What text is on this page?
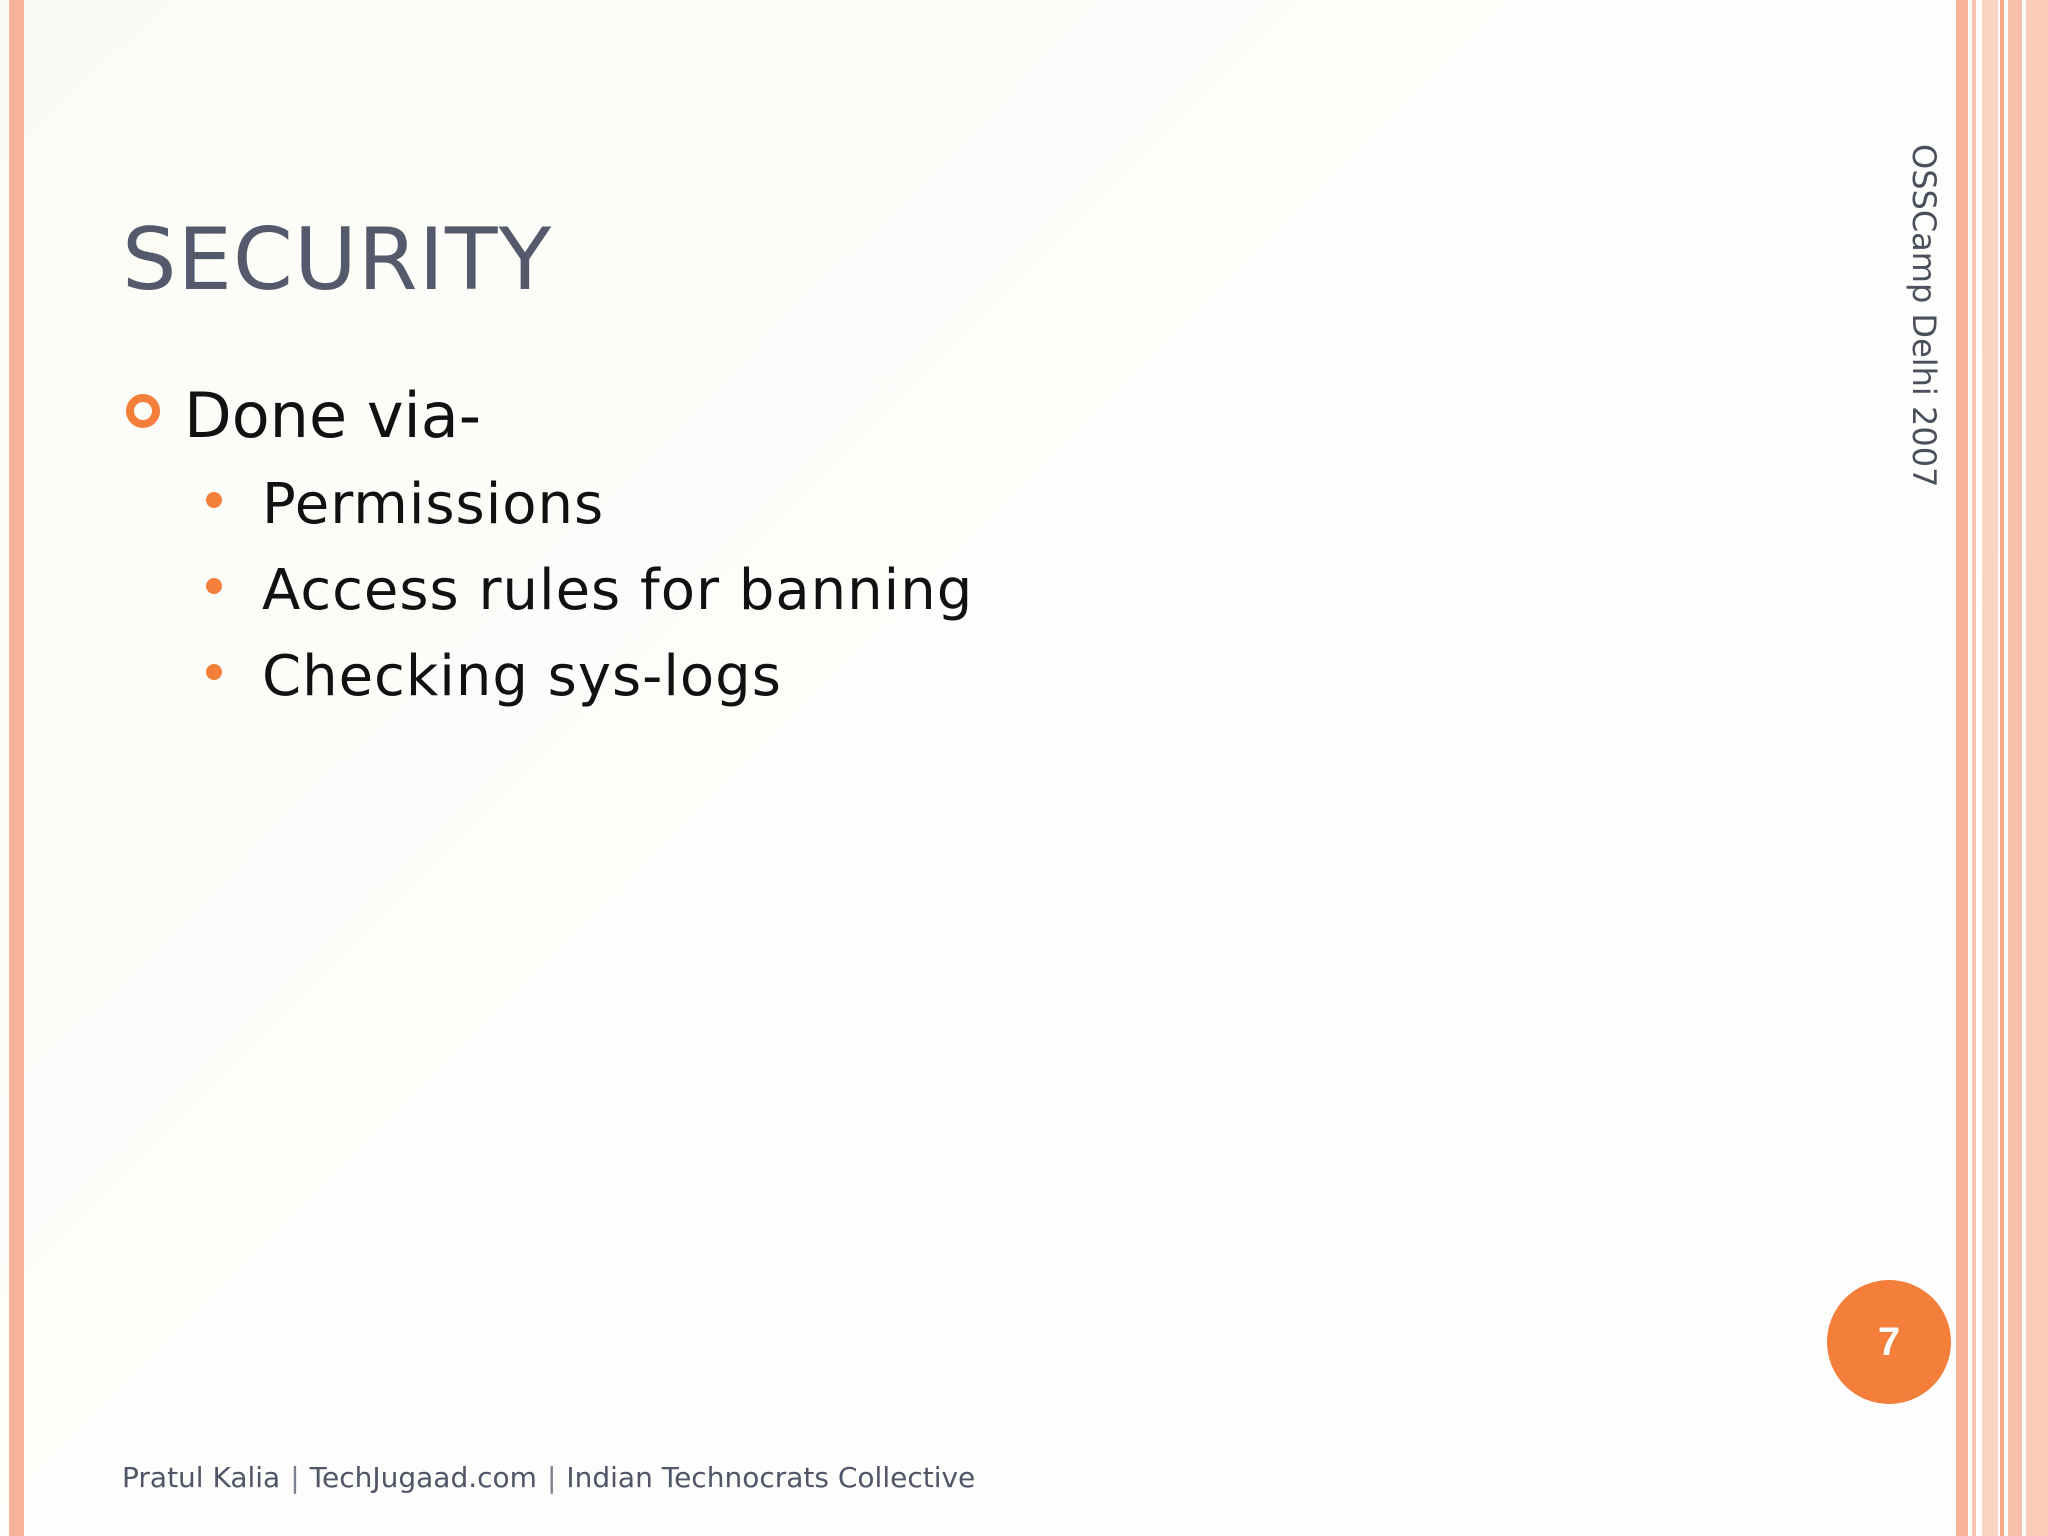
SECURITY
Done via-
Permissions
Access rules for banning
Checking sys-logs
OSSCamp Delhi 2007
7
Pratul Kalia | TechJugaad.com | Indian Technocrats Collective
